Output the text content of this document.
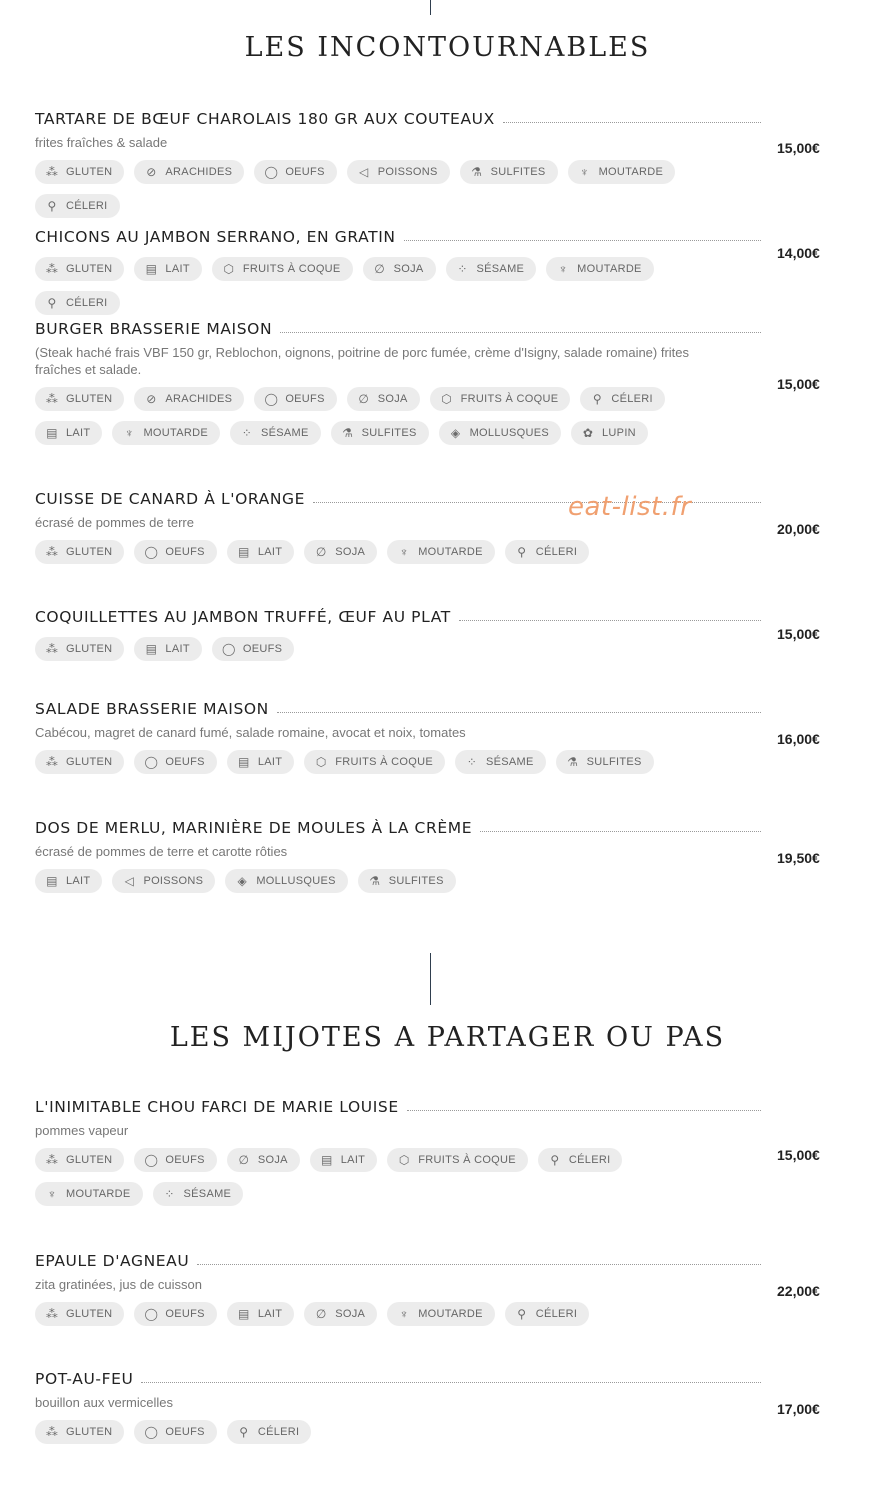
LES INCONTOURNABLES
LES MIJOTES A PARTAGER OU PAS
TARTARE DE BŒUF CHAROLAIS 180 GR AUX COUTEAUX
frites fraîches & salade
⁂ GLUTEN	⊘ ARACHIDES	◯ OEUFS	◁ POISSONS	⚗ SULFITES	♆ MOUTARDE
⚲ CÉLERI
15,00€
CHICONS AU JAMBON SERRANO, EN GRATIN
⁂ GLUTEN	▤ LAIT	⬡ FRUITS À COQUE	∅ SOJA	⁘ SÉSAME	♆ MOUTARDE
⚲ CÉLERI
14,00€
BURGER BRASSERIE MAISON
(Steak haché frais VBF 150 gr, Reblochon, oignons, poitrine de porc fumée, crème d'Isigny, salade romaine) frites fraîches et salade.
⁂ GLUTEN	⊘ ARACHIDES	◯ OEUFS	∅ SOJA	⬡ FRUITS À COQUE	⚲ CÉLERI
▤ LAIT	♆ MOUTARDE	⁘ SÉSAME	⚗ SULFITES	◈ MOLLUSQUES	✿ LUPIN
15,00€
CUISSE DE CANARD À L'ORANGE
écrasé de pommes de terre
⁂ GLUTEN	◯ OEUFS	▤ LAIT	∅ SOJA	♆ MOUTARDE	⚲ CÉLERI
20,00€
COQUILLETTES AU JAMBON TRUFFÉ, ŒUF AU PLAT
⁂ GLUTEN	▤ LAIT	◯ OEUFS
15,00€
SALADE BRASSERIE MAISON
Cabécou, magret de canard fumé, salade romaine, avocat et noix, tomates
⁂ GLUTEN	◯ OEUFS	▤ LAIT	⬡ FRUITS À COQUE	⁘ SÉSAME	⚗ SULFITES
16,00€
DOS DE MERLU, MARINIÈRE DE MOULES À LA CRÈME
écrasé de pommes de terre et carotte rôties
▤ LAIT	◁ POISSONS	◈ MOLLUSQUES	⚗ SULFITES
19,50€
L'INIMITABLE CHOU FARCI DE MARIE LOUISE
pommes vapeur
⁂ GLUTEN	◯ OEUFS	∅ SOJA	▤ LAIT	⬡ FRUITS À COQUE	⚲ CÉLERI
♆ MOUTARDE	⁘ SÉSAME
15,00€
EPAULE D'AGNEAU
zita gratinées, jus de cuisson
⁂ GLUTEN	◯ OEUFS	▤ LAIT	∅ SOJA	♆ MOUTARDE	⚲ CÉLERI
22,00€
POT-AU-FEU
bouillon aux vermicelles
⁂ GLUTEN	◯ OEUFS	⚲ CÉLERI
17,00€
eat-list.fr
